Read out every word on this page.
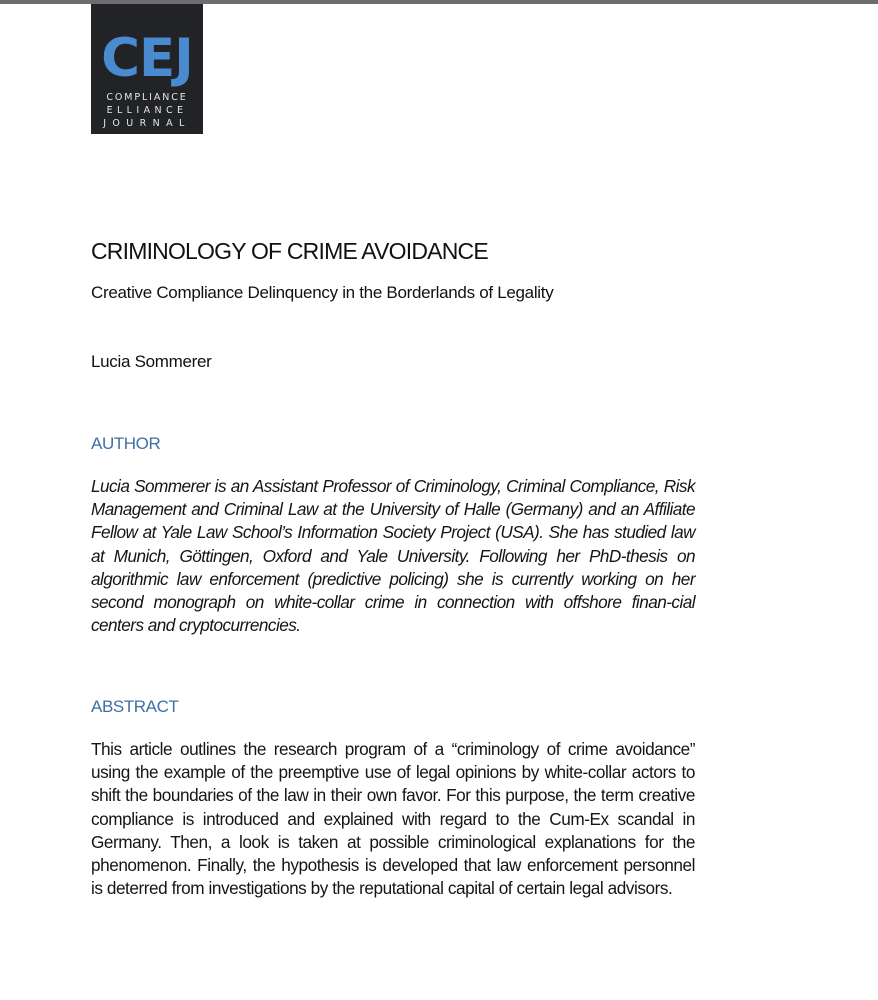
CEJ
COMPLIANCE
ELLIANCE
JOURNAL
CRIMINOLOGY OF CRIME AVOIDANCE

Creative Compliance Delinquency in the Borderlands of Legality

Lucia Sommerer

AUTHOR

Lucia Sommerer is an Assistant Professor of Criminology, Criminal Compliance, Risk Management and Criminal Law at the University of Halle (Germany) and an Affiliate Fellow at Yale Law School’s Information Society Project (USA). She has studied law at Munich, Göttingen, Oxford and Yale University. Following her PhD-thesis on algorithmic law enforcement (predictive policing) she is currently working on her second monograph on white-collar crime in connection with offshore finan-cial centers and cryptocurrencies.

ABSTRACT

This article outlines the research program of a “criminology of crime avoidance” using the example of the preemptive use of legal opinions by white-collar actors to shift the boundaries of the law in their own favor. For this purpose, the term creative compliance is introduced and explained with regard to the Cum-Ex scandal in Germany. Then, a look is taken at possible criminological explanations for the phenomenon. Finally, the hypothesis is developed that law enforcement personnel is deterred from investigations by the reputational capital of certain legal advisors.
